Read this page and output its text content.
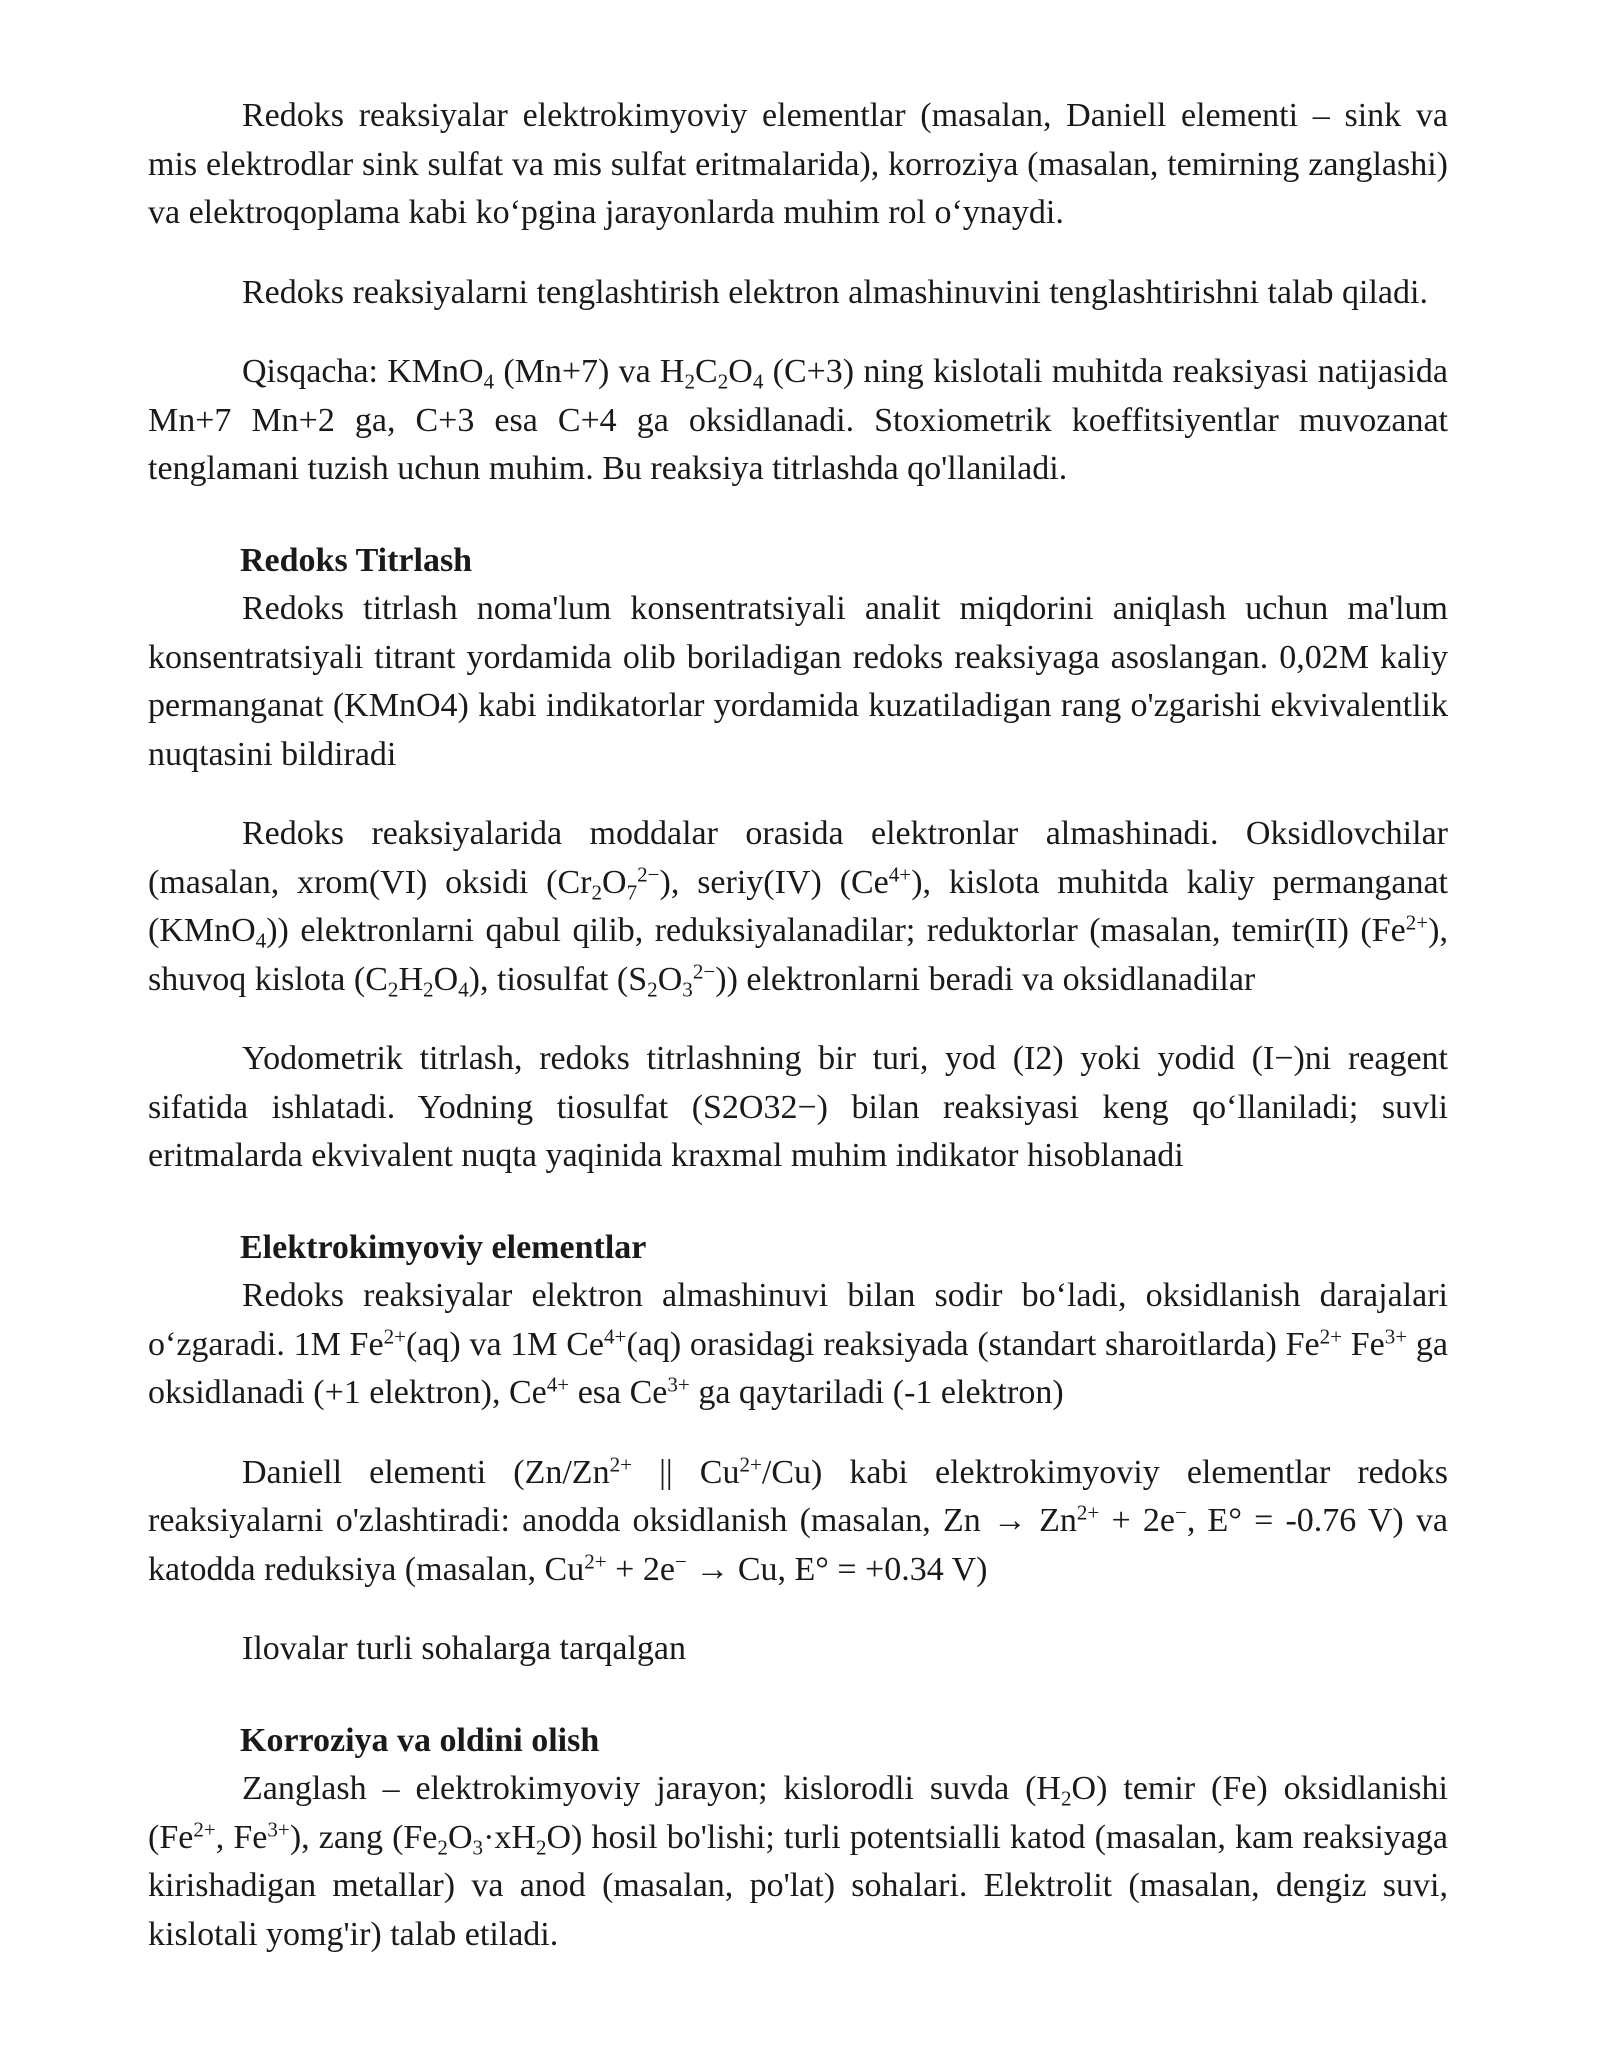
Redoks reaksiyalar elektrokimyoviy elementlar (masalan, Daniell elementi – sink va mis elektrodlar sink sulfat va mis sulfat eritmalarida), korroziya (masalan, temirning zanglashi) va elektroqoplama kabi koʻpgina jarayonlarda muhim rol oʻynaydi.

Redoks reaksiyalarni tenglashtirish elektron almashinuvini tenglashtirishni talab qiladi.

Qisqacha: KMnO$_4$ (Mn+7) va $H_2C_2O_4$ (C+3) ning kislotali muhitda reaksiyasi natijasida Mn+7 Mn+2 ga, C+3 esa C+4 ga oksidlanadi. Stoxiometrik koeffitsiyentlar muvozanat tenglamani tuzish uchun muhim. Bu reaksiya titrlashda qo'llaniladi.

Redoks Titrlash

Redoks titrlash noma'lum konsentratsiyali analit miqdorini aniqlash uchun ma'lum konsentratsiyali titrant yordamida olib boriladigan redoks reaksiyaga asoslangan. 0,02M kaliy permanganat (KMnO4) kabi indikatorlar yordamida kuzatiladigan rang o'zgarishi ekvivalentlik nuqtasini bildiradi

Redoks reaksiyalarida moddalar orasida elektronlar almashinadi. Oksidlovchilar (masalan, xrom(VI) oksidi $(Cr_2O_7^{2-})$, seriy(IV) $(Ce^{4+})$, kislota muhitda kaliy permanganat (KMnO$_4$)) elektronlarni qabul qilib, reduksiyalanadilar; reduktorlar (masalan, temir(II) $(Fe^{2+})$, shuvoq kislota $(C_2H_2O_4)$, tiosulfat $(S_2O_3^{2-})$) elektronlarni beradi va oksidlanadilar

Yodometrik titrlash, redoks titrlashning bir turi, yod (I2) yoki yodid (I−)ni reagent sifatida ishlatadi. Yodning tiosulfat (S2O32−) bilan reaksiyasi keng qoʻllaniladi; suvli eritmalarda ekvivalent nuqta yaqinida kraxmal muhim indikator hisoblanadi

Elektrokimyoviy elementlar

Redoks reaksiyalar elektron almashinuvi bilan sodir boʻladi, oksidlanish darajalari oʻzgaradi. 1M $Fe^{2+}(aq)$ va 1M $Ce^{4+}(aq)$ orasidagi reaksiyada (standart sharoitlarda) $Fe^{2+}$ $Fe^{3+}$ ga oksidlanadi (+1 elektron), $Ce^{4+}$ esa $Ce^{3+}$ ga qaytariladi (-1 elektron)

Daniell elementi ($Zn/Zn^{2+}$ || $Cu^{2+}/Cu$) kabi elektrokimyoviy elementlar redoks reaksiyalarni o'zlashtiradi: anodda oksidlanish (masalan, $Zn \to Zn^{2+} + 2e^-$, E° = -0.76 V) va katodda reduksiya (masalan, $Cu^{2+} + 2e^- \to Cu$, E° = +0.34 V)

Ilovalar turli sohalarga tarqalgan

Korroziya va oldini olish

Zanglash – elektrokimyoviy jarayon; kislorodli suvda $(H_2O)$ temir (Fe) oksidlanishi ($Fe^{2+}$, $Fe^{3+}$), zang $(Fe_2O_3\cdot xH_2O)$ hosil bo'lishi; turli potentsialli katod (masalan, kam reaksiyaga kirishadigan metallar) va anod (masalan, po'lat) sohalari. Elektrolit (masalan, dengiz suvi, kislotali yomg'ir) talab etiladi.
